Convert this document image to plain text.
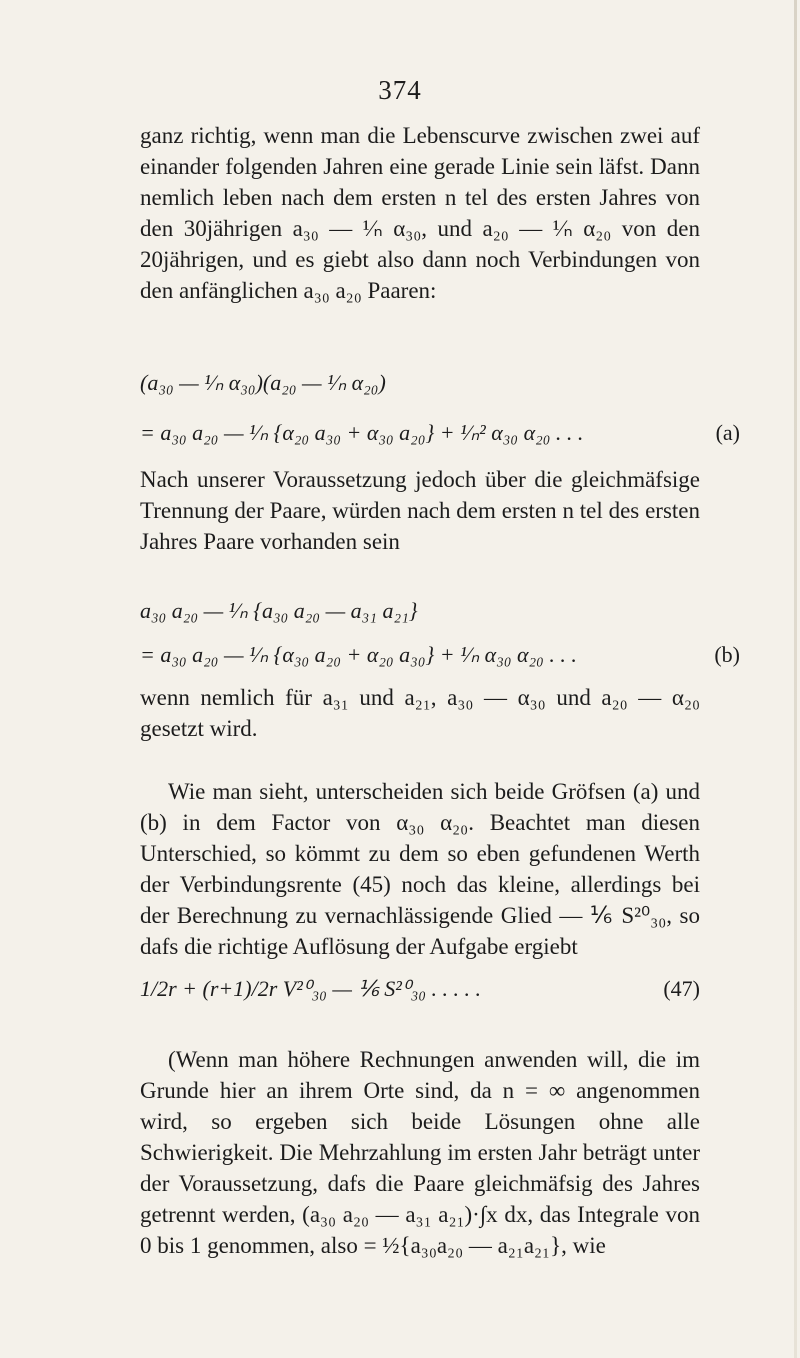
374

ganz richtig, wenn man die Lebenscurve zwischen zwei auf einander folgenden Jahren eine gerade Linie sein läfst. Dann nemlich leben nach dem ersten n tel des ersten Jahres von den 30jährigen a₃₀ — ¹⁄ₙ α₃₀, und a₂₀ — ¹⁄ₙ α₂₀ von den 20jährigen, und es giebt also dann noch Verbindungen von den anfänglichen a₃₀ a₂₀ Paaren:

(a₃₀ — ¹⁄ₙ α₃₀)(a₂₀ — ¹⁄ₙ α₂₀)
= a₃₀ a₂₀ — ¹⁄ₙ {α₂₀ a₃₀ + α₃₀ a₂₀} + ¹⁄ₙ² α₃₀ α₂₀ . . .	(a)

Nach unserer Voraussetzung jedoch über die gleichmäfsige Trennung der Paare, würden nach dem ersten n tel des ersten Jahres Paare vorhanden sein

a₃₀ a₂₀ — ¹⁄ₙ {a₃₀ a₂₀ — a₃₁ a₂₁}
= a₃₀ a₂₀ — ¹⁄ₙ {α₃₀ a₂₀ + α₂₀ a₃₀} + ¹⁄ₙ α₃₀ α₂₀ . . .	(b)

wenn nemlich für a₃₁ und a₂₁, a₃₀ — α₃₀ und a₂₀ — α₂₀ gesetzt wird.

Wie man sieht, unterscheiden sich beide Gröfsen (a) und (b) in dem Factor von α₃₀ α₂₀. Beachtet man diesen Unterschied, so kömmt zu dem so eben gefundenen Werth der Verbindungsrente (45) noch das kleine, allerdings bei der Berechnung zu vernachlässigende Glied — ⅙ S²⁰₃₀, so dafs die richtige Auflösung der Aufgabe ergiebt

1/2r + (r+1)/2r V²⁰₃₀ — ⅙ S²⁰₃₀ . . . . .	(47)

(Wenn man höhere Rechnungen anwenden will, die im Grunde hier an ihrem Orte sind, da n = ∞ angenommen wird, so ergeben sich beide Lösungen ohne alle Schwierigkeit. Die Mehrzahlung im ersten Jahr beträgt unter der Voraussetzung, dafs die Paare gleichmäfsig des Jahres getrennt werden, (a₃₀ a₂₀ — a₃₁ a₂₁)·∫x dx, das Integrale von 0 bis 1 genommen, also = ½{a₃₀a₂₀ — a₂₁a₂₁}, wie
